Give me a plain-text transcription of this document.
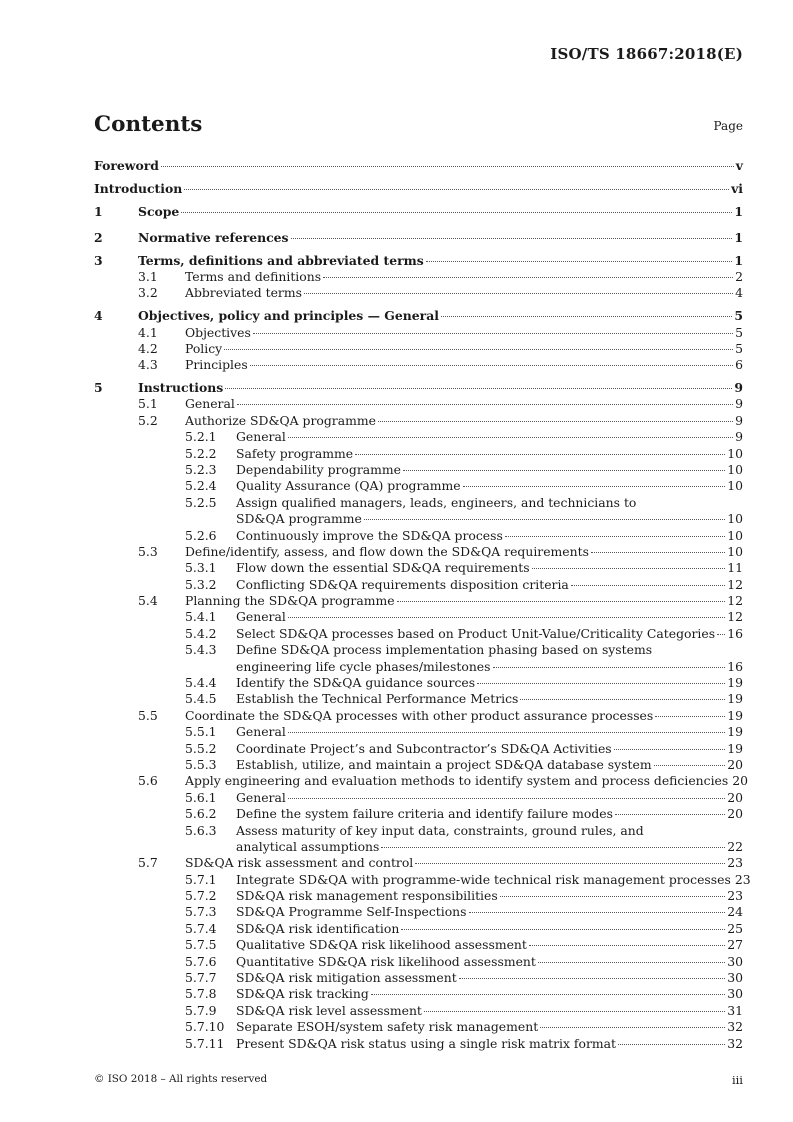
ISO/TS 18667:2018(E)
Contents	Page
Foreword	v
Introduction	vi
1	Scope	1
2	Normative references	1
3	Terms, definitions and abbreviated terms	1
3.1	Terms and definitions	2
3.2	Abbreviated terms	4
4	Objectives, policy and principles — General	5
4.1	Objectives	5
4.2	Policy	5
4.3	Principles	6
5	Instructions	9
5.1	General	9
5.2	Authorize SD&QA programme	9
5.2.1	General	9
5.2.2	Safety programme	10
5.2.3	Dependability programme	10
5.2.4	Quality Assurance (QA) programme	10
5.2.5	Assign qualified managers, leads, engineers, and technicians to
SD&QA programme	10
5.2.6	Continuously improve the SD&QA process	10
5.3	Define/identify, assess, and flow down the SD&QA requirements	10
5.3.1	Flow down the essential SD&QA requirements	11
5.3.2	Conflicting SD&QA requirements disposition criteria	12
5.4	Planning the SD&QA programme	12
5.4.1	General	12
5.4.2	Select SD&QA processes based on Product Unit-Value/Criticality Categories 16
5.4.3	Define SD&QA process implementation phasing based on systems
engineering life cycle phases/milestones	16
5.4.4	Identify the SD&QA guidance sources	19
5.4.5	Establish the Technical Performance Metrics	19
5.5	Coordinate the SD&QA processes with other product assurance processes	19
5.5.1	General	19
5.5.2	Coordinate Project’s and Subcontractor’s SD&QA Activities	19
5.5.3	Establish, utilize, and maintain a project SD&QA database system	20
5.6	Apply engineering and evaluation methods to identify system and process deficiencies 20
5.6.1	General	20
5.6.2	Define the system failure criteria and identify failure modes	20
5.6.3	Assess maturity of key input data, constraints, ground rules, and
analytical assumptions	22
5.7	SD&QA risk assessment and control	23
5.7.1	Integrate SD&QA with programme-wide technical risk management processes 23
5.7.2	SD&QA risk management responsibilities	23
5.7.3	SD&QA Programme Self-Inspections	24
5.7.4	SD&QA risk identification	25
5.7.5	Qualitative SD&QA risk likelihood assessment	27
5.7.6	Quantitative SD&QA risk likelihood assessment	30
5.7.7	SD&QA risk mitigation assessment	30
5.7.8	SD&QA risk tracking	30
5.7.9	SD&QA risk level assessment	31
5.7.10 Separate ESOH/system safety risk management	32
5.7.11 Present SD&QA risk status using a single risk matrix format	32
© ISO 2018 – All rights reserved	iii
